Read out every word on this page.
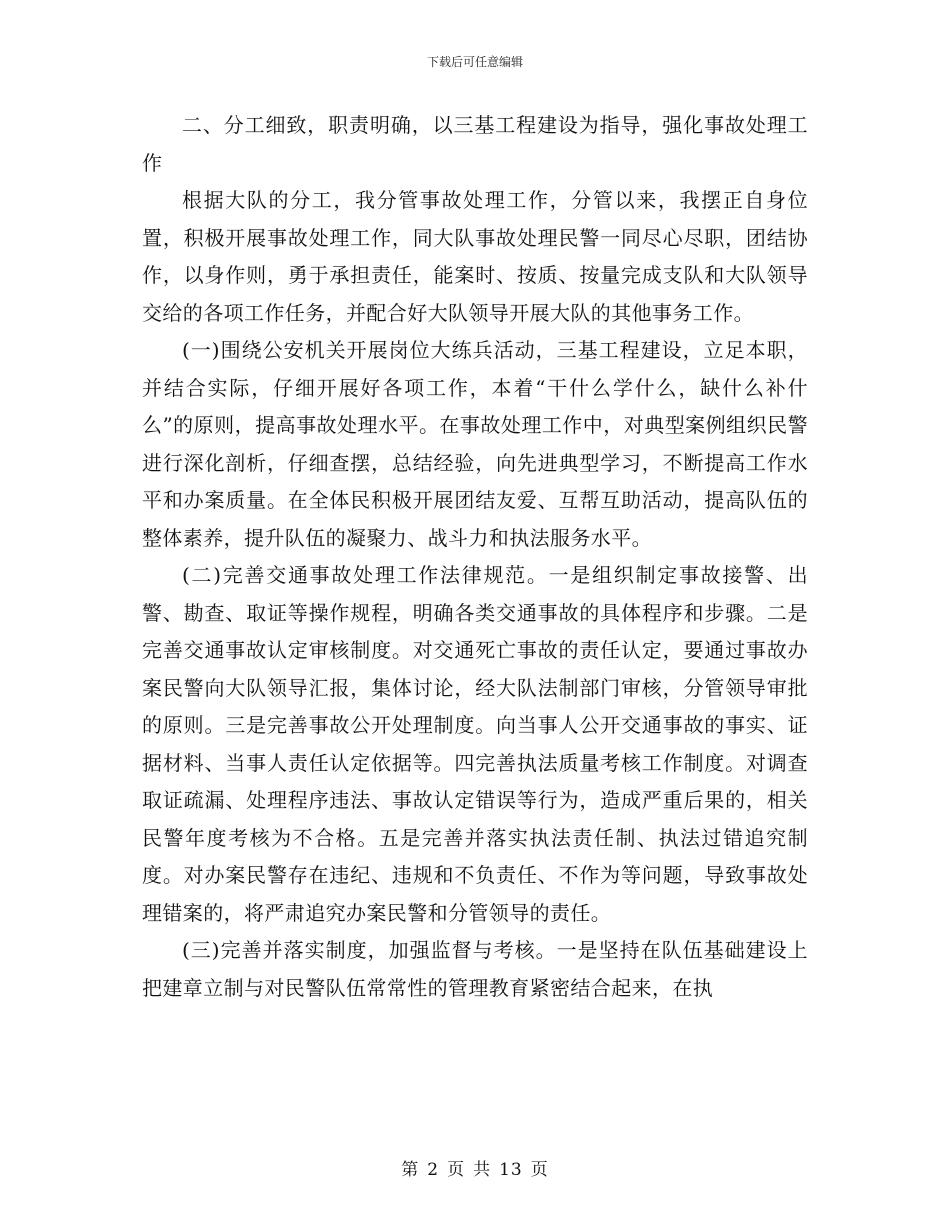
下载后可任意编辑

二、分工细致，职责明确，以三基工程建设为指导，强化事故处理工作

根据大队的分工，我分管事故处理工作，分管以来，我摆正自身位置，积极开展事故处理工作，同大队事故处理民警一同尽心尽职，团结协作，以身作则，勇于承担责任，能案时、按质、按量完成支队和大队领导交给的各项工作任务，并配合好大队领导开展大队的其他事务工作。

(一)围绕公安机关开展岗位大练兵活动，三基工程建设，立足本职，并结合实际，仔细开展好各项工作，本着“干什么学什么，缺什么补什么”的原则，提高事故处理水平。在事故处理工作中，对典型案例组织民警进行深化剖析，仔细查摆，总结经验，向先进典型学习，不断提高工作水平和办案质量。在全体民积极开展团结友爱、互帮互助活动，提高队伍的整体素养，提升队伍的凝聚力、战斗力和执法服务水平。

(二)完善交通事故处理工作法律规范。一是组织制定事故接警、出警、勘查、取证等操作规程，明确各类交通事故的具体程序和步骤。二是完善交通事故认定审核制度。对交通死亡事故的责任认定，要通过事故办案民警向大队领导汇报，集体讨论，经大队法制部门审核，分管领导审批的原则。三是完善事故公开处理制度。向当事人公开交通事故的事实、证据材料、当事人责任认定依据等。四完善执法质量考核工作制度。对调查取证疏漏、处理程序违法、事故认定错误等行为，造成严重后果的，相关民警年度考核为不合格。五是完善并落实执法责任制、执法过错追究制度。对办案民警存在违纪、违规和不负责任、不作为等问题，导致事故处理错案的，将严肃追究办案民警和分管领导的责任。

(三)完善并落实制度，加强监督与考核。一是坚持在队伍基础建设上把建章立制与对民警队伍常常性的管理教育紧密结合起来，在执

第 2 页 共 13 页
